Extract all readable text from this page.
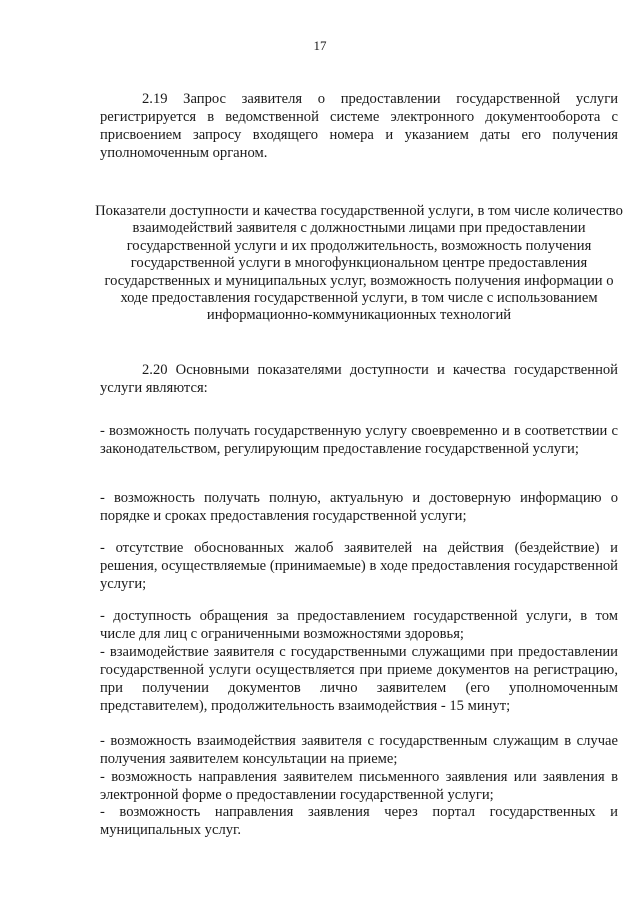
17

2.19 Запрос заявителя о предоставлении государственной услуги регистрируется в ведомственной системе электронного документооборота с присвоением запросу входящего номера и указанием даты его получения уполномоченным органом.

Показатели доступности и качества государственной услуги, в том числе количество взаимодействий заявителя с должностными лицами при предоставлении государственной услуги и их продолжительность, возможность получения государственной услуги в многофункциональном центре предоставления государственных и муниципальных услуг, возможность получения информации о ходе предоставления государственной услуги, в том числе с использованием информационно-коммуникационных технологий

2.20 Основными показателями доступности и качества государственной услуги являются:

- возможность получать государственную услугу своевременно и в соответствии с законодательством, регулирующим предоставление государственной услуги;

- возможность получать полную, актуальную и достоверную информацию о порядке и сроках предоставления государственной услуги;

- отсутствие обоснованных жалоб заявителей на действия (бездействие) и решения, осуществляемые (принимаемые) в ходе предоставления государственной услуги;

- доступность обращения за предоставлением государственной услуги, в том числе для лиц с ограниченными возможностями здоровья;

- взаимодействие заявителя с государственными служащими при предоставлении государственной услуги осуществляется при приеме документов на регистрацию, при получении документов лично заявителем (его уполномоченным представителем), продолжительность взаимодействия - 15 минут;

- возможность взаимодействия заявителя с государственным служащим в случае получения заявителем консультации на приеме;

- возможность направления заявителем письменного заявления или заявления в электронной форме о предоставлении государственной услуги;

- возможность направления заявления через портал государственных и муниципальных услуг.
